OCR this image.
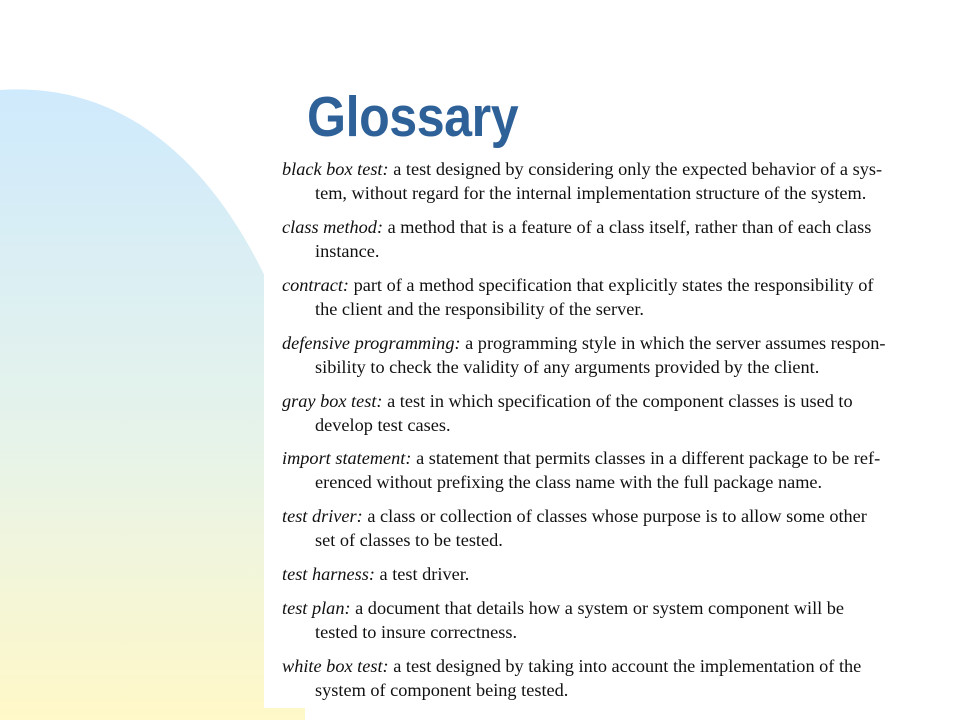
Glossary

black box test: a test designed by considering only the expected behavior of a sys-
tem, without regard for the internal implementation structure of the system.

class method: a method that is a feature of a class itself, rather than of each class
instance.

contract: part of a method specification that explicitly states the responsibility of
the client and the responsibility of the server.

defensive programming: a programming style in which the server assumes respon-
sibility to check the validity of any arguments provided by the client.

gray box test: a test in which specification of the component classes is used to
develop test cases.

import statement: a statement that permits classes in a different package to be ref-
erenced without prefixing the class name with the full package name.

test driver: a class or collection of classes whose purpose is to allow some other
set of classes to be tested.

test harness: a test driver.

test plan: a document that details how a system or system component will be
tested to insure correctness.

white box test: a test designed by taking into account the implementation of the
system of component being tested.
